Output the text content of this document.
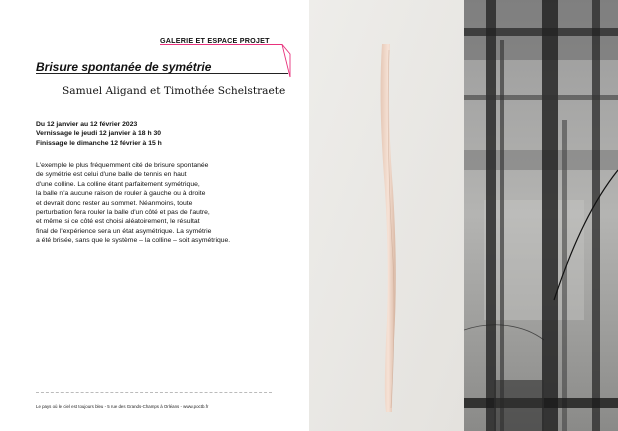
GALERIE ET ESPACE PROJET
Brisure spontanée de symétrie
Samuel Aligand et Timothée Schelstraete
Du 12 janvier au 12 février 2023
Vernissage le jeudi 12 janvier à 18 h 30
Finissage le dimanche 12 février à 15 h
L'exemple le plus fréquemment cité de brisure spontanée
de symétrie est celui d'une balle de tennis en haut
d'une colline. La colline étant parfaitement symétrique,
la balle n'a aucune raison de rouler à gauche ou à droite
et devrait donc rester au sommet. Néanmoins, toute
perturbation fera rouler la balle d'un côté et pas de l'autre,
et même si ce côté est choisi aléatoirement, le résultat
final de l'expérience sera un état asymétrique. La symétrie
a été brisée, sans que le système – la colline – soit asymétrique.
Le pays où le ciel est toujours bleu - 5 rue des Grands-Champs à Orléans - www.poctb.fr
